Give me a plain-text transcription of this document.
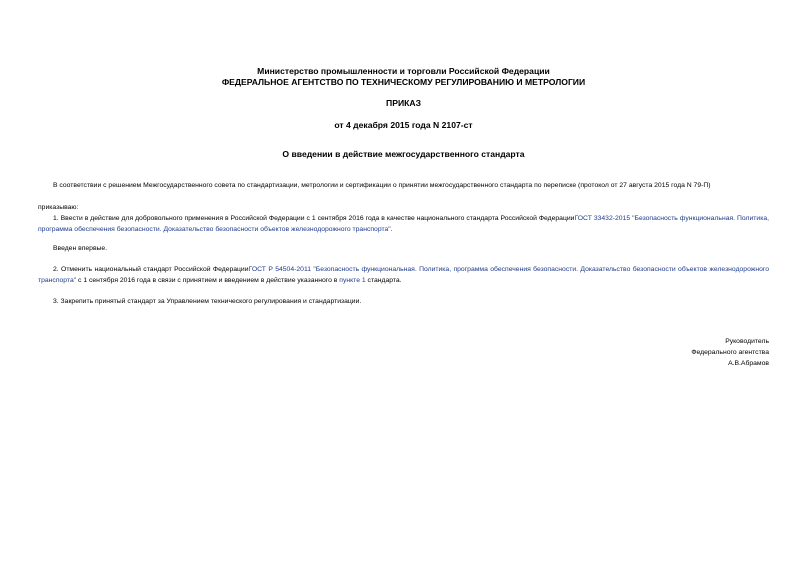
Министерство промышленности и торговли Российской Федерации
ФЕДЕРАЛЬНОЕ АГЕНТСТВО ПО ТЕХНИЧЕСКОМУ РЕГУЛИРОВАНИЮ И МЕТРОЛОГИИ
ПРИКАЗ
от 4 декабря 2015 года N 2107-ст
О введении в действие межгосударственного стандарта
В соответствии с решением Межгосударственного совета по стандартизации, метрологии и сертификации о принятии межгосударственного стандарта по переписке (протокол от 27 августа 2015 года N 79-П)
приказываю:
1. Ввести в действие для добровольного применения в Российской Федерации с 1 сентября 2016 года в качестве национального стандарта Российской ФедерацииГОСТ 33432-2015 "Безопасность функциональная. Политика, программа обеспечения безопасности. Доказательство безопасности объектов железнодорожного транспорта".
Введен впервые.
2. Отменить национальный стандарт Российской ФедерацииГОСТ Р 54504-2011 "Безопасность функциональная. Политика, программа обеспечения безопасности. Доказательство безопасности объектов железнодорожного транспорта" с 1 сентября 2016 года в связи с принятием и введением в действие указанного в пункте 1 стандарта.
3. Закрепить принятый стандарт за Управлением технического регулирования и стандартизации.
Руководитель
Федерального агентства
А.В.Абрамов
